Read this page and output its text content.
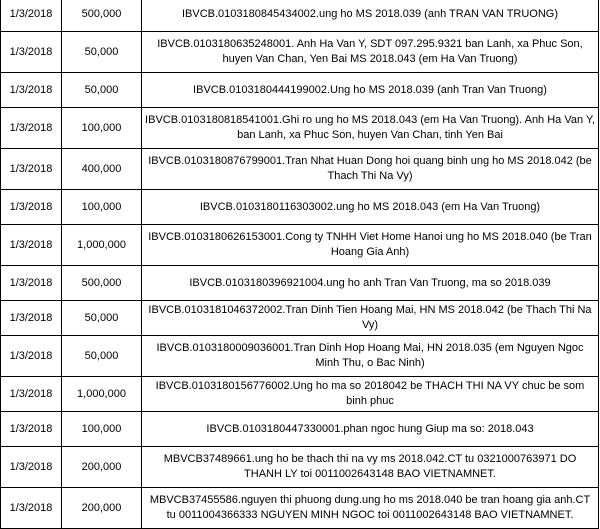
1/3/2018	500,000	IBVCB.0103180845434002.ung ho MS 2018.039 (anh TRAN VAN TRUONG)
1/3/2018	50,000	IBVCB.0103180635248001. Anh Ha Van Y, SDT 097.295.9321 ban Lanh, xa Phuc Son, huyen Van Chan, Yen Bai MS 2018.043 (em Ha Van Truong)
1/3/2018	50,000	IBVCB.0103180444199002.Ung ho MS 2018.039 (anh Tran Van Truong)
1/3/2018	100,000	IBVCB.0103180818541001.Ghi ro ung ho MS 2018.043 (em Ha Van Truong). Anh Ha Van Y, ban Lanh, xa Phuc Son, huyen Van Chan, tinh Yen Bai
1/3/2018	400,000	IBVCB.0103180876799001.Tran Nhat Huan Dong hoi quang binh ung ho MS 2018.042 (be Thach Thi Na Vy)
1/3/2018	100,000	IBVCB.0103180116303002.ung ho MS 2018.043 (em Ha Van Truong)
1/3/2018	1,000,000	IBVCB.0103180626153001.Cong ty TNHH Viet Home Hanoi ung ho MS 2018.040 (be Tran Hoang Gia Anh)
1/3/2018	500,000	IBVCB.0103180396921004.ung ho anh Tran Van Truong, ma so 2018.039
1/3/2018	50,000	IBVCB.0103181046372002.Tran Dinh Tien Hoang Mai, HN MS 2018.042 (be Thach Thi Na Vy)
1/3/2018	50,000	IBVCB.0103180009036001.Tran Dinh Hop Hoang Mai, HN 2018.035 (em Nguyen Ngoc Minh Thu, o Bac Ninh)
1/3/2018	1,000,000	IBVCB.0103180156776002.Ung ho ma so 2018042 be THACH THI NA VY chuc be som binh phuc
1/3/2018	100,000	IBVCB.0103180447330001.phan ngoc hung Giup ma so: 2018.043
1/3/2018	200,000	MBVCB37489661.ung ho be thach thi na vy ms 2018.042.CT tu 0321000763971 DO THANH LY toi 0011002643148 BAO VIETNAMNET.
1/3/2018	200,000	MBVCB37455586.nguyen thi phuong dung.ung ho ms 2018.040 be tran hoang gia anh.CT tu 0011004366333 NGUYEN MINH NGOC toi 0011002643148 BAO VIETNAMNET.
